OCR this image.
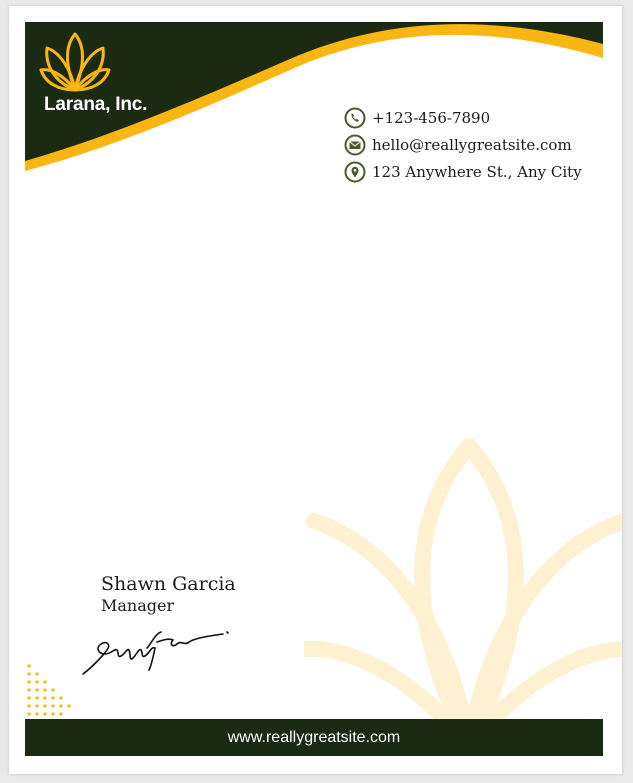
Larana, Inc.
+123-456-7890
hello@reallygreatsite.com
123 Anywhere St., Any City
Shawn Garcia
Manager
www.reallygreatsite.com
